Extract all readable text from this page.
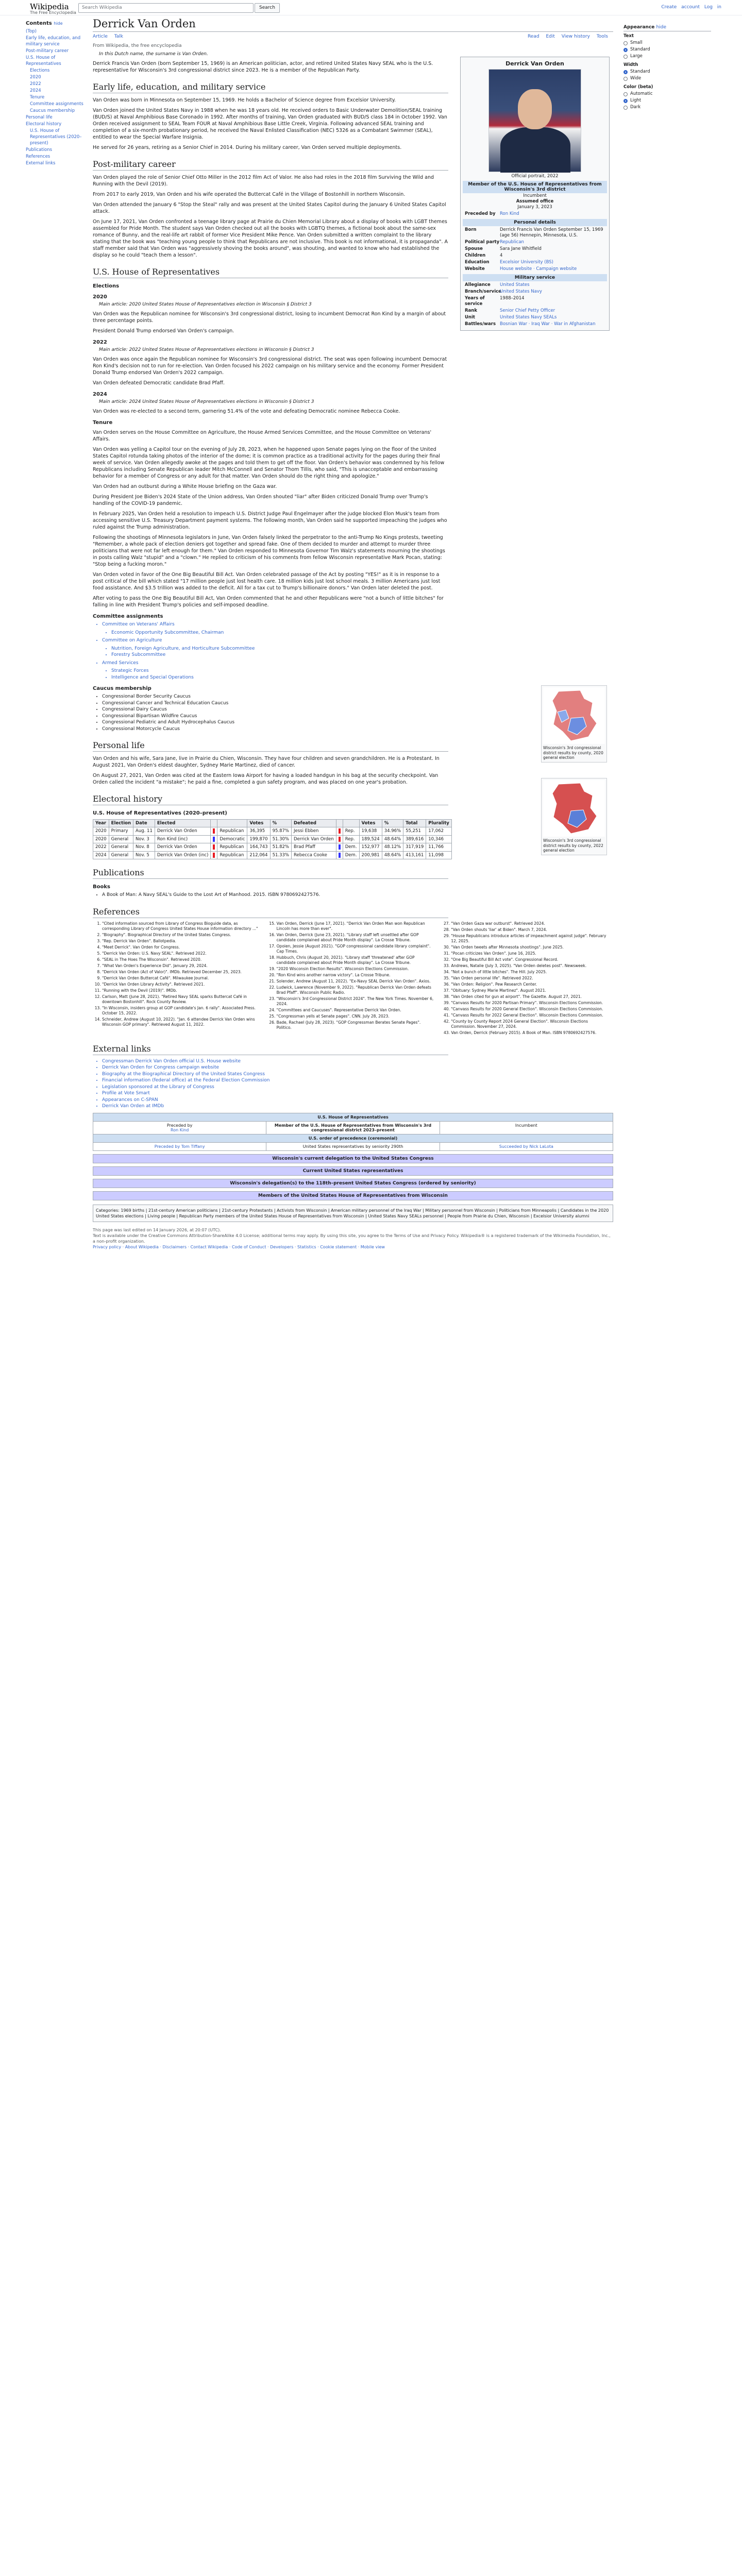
Wikipedia
The Free Encyclopedia
Search Wikipedia	Search	Create account Log in
Contents hide
(Top)
Early life, education, and military service
Post-military career
U.S. House of Representatives
Elections
2020
2022
2024
Tenure
Committee assignments
Caucus membership
Personal life
Electoral history
U.S. House of Representatives (2020–present)
Publications
References
External links
Appearance hide
Text
Small
Standard
Large
Width
Standard
Wide
Color (beta)
Automatic
Light
Dark
Derrick Van Orden
Article Talk	Read Edit View history Tools
From Wikipedia, the free encyclopedia
In this Dutch name, the surname is Van Orden.

Derrick Francis Van Orden (born September 15, 1969) is an American politician, actor, and retired United States Navy SEAL who is the U.S. representative for Wisconsin's 3rd congressional district since 2023. He is a member of the Republican Party.

Early life, education, and military service

Van Orden was born in Minnesota on September 15, 1969. He holds a Bachelor of Science degree from Excelsior University.

Van Orden joined the United States Navy in 1988 when he was 18 years old. He received orders to Basic Underwater Demolition/SEAL training (BUD/S) at Naval Amphibious Base Coronado in 1992. After months of training, Van Orden graduated with BUD/S class 184 in October 1992. Van Orden received assignment to SEAL Team FOUR at Naval Amphibious Base Little Creek, Virginia. Following advanced SEAL training and completion of a six-month probationary period, he received the Naval Enlisted Classification (NEC) 5326 as a Combatant Swimmer (SEAL), entitled to wear the Special Warfare Insignia.

He served for 26 years, retiring as a Senior Chief in 2014. During his military career, Van Orden served multiple deployments.

Post-military career

Van Orden played the role of Senior Chief Otto Miller in the 2012 film Act of Valor. He also had roles in the 2018 film Surviving the Wild and Running with the Devil (2019).

From 2017 to early 2019, Van Orden and his wife operated the Buttercat Café in the Village of Bostonhill in northern Wisconsin.

Van Orden attended the January 6 "Stop the Steal" rally and was present at the United States Capitol during the January 6 United States Capitol attack.

On June 17, 2021, Van Orden confronted a teenage library page at Prairie du Chien Memorial Library about a display of books with LGBT themes assembled for Pride Month. The student says Van Orden checked out all the books with LGBTQ themes, a fictional book about the same-sex romance of Bunny, and the real-life art rabbit of former Vice President Mike Pence. Van Orden submitted a written complaint to the library stating that the book was "teaching young people to think that Republicans are not inclusive. This book is not informational, it is propaganda". A staff member said that Van Orden was "aggressively shoving the books around", was shouting, and wanted to know who had established the display so he could "teach them a lesson".

U.S. House of Representatives
Elections
2020
Main article: 2020 United States House of Representatives election in Wisconsin § District 3

Van Orden was the Republican nominee for Wisconsin's 3rd congressional district, losing to incumbent Democrat Ron Kind by a margin of about three percentage points.

President Donald Trump endorsed Van Orden's campaign.

2022
Main article: 2022 United States House of Representatives elections in Wisconsin § District 3

Van Orden was once again the Republican nominee for Wisconsin's 3rd congressional district. The seat was open following incumbent Democrat Ron Kind's decision not to run for re-election. Van Orden focused his 2022 campaign on his military service and the economy. Former President Donald Trump endorsed Van Orden's 2022 campaign.

Van Orden defeated Democratic candidate Brad Pfaff.

2024
Main article: 2024 United States House of Representatives elections in Wisconsin § District 3

Van Orden was re-elected to a second term, garnering 51.4% of the vote and defeating Democratic nominee Rebecca Cooke.

Tenure

Van Orden serves on the House Committee on Agriculture, the House Armed Services Committee, and the House Committee on Veterans' Affairs.

Van Orden was yelling a Capitol tour on the evening of July 28, 2023, when he happened upon Senate pages lying on the floor of the United States Capitol rotunda taking photos of the interior of the dome; it is common practice as a traditional activity for the pages during their final week of service. Van Orden allegedly awoke at the pages and told them to get off the floor. Van Orden's behavior was condemned by his fellow Republicans including Senate Republican leader Mitch McConnell and Senator Thom Tillis, who said, "This is unacceptable and embarrassing behavior for a member of Congress or any adult for that matter. Van Orden should do the right thing and apologize."

Van Orden had an outburst during a White House briefing on the Gaza war.

During President Joe Biden's 2024 State of the Union address, Van Orden shouted "liar" after Biden criticized Donald Trump over Trump's handling of the COVID-19 pandemic.

In February 2025, Van Orden held a resolution to impeach U.S. District Judge Paul Engelmayer after the judge blocked Elon Musk's team from accessing sensitive U.S. Treasury Department payment systems. The following month, Van Orden said he supported impeaching the judges who ruled against the Trump administration.

Following the shootings of Minnesota legislators in June, Van Orden falsely linked the perpetrator to the anti-Trump No Kings protests, tweeting "Remember, a whole pack of election deniers got together and spread fake. One of them decided to murder and attempt to murder three politicians that were not far left enough for them." Van Orden responded to Minnesota Governor Tim Walz's statements mourning the shootings in posts calling Walz "stupid" and a "clown." He replied to criticism of his comments from fellow Wisconsin representative Mark Pocan, stating: "Stop being a fucking moron."

Van Orden voted in favor of the One Big Beautiful Bill Act. Van Orden celebrated passage of the Act by posting "YES!" as it is in response to a post critical of the bill which stated "17 million people just lost health care. 18 million kids just lost school meals. 3 million Americans just lost food assistance. And $3.5 trillion was added to the deficit. All for a tax cut to Trump's billionaire donors." Van Orden later deleted the post.

After voting to pass the One Big Beautiful Bill Act, Van Orden commented that he and other Republicans were "not a bunch of little bitches" for falling in line with President Trump's policies and self-imposed deadline.

Committee assignments
• Committee on Veterans' Affairs
• Economic Opportunity Subcommittee, Chairman
• Committee on Agriculture
• Nutrition, Foreign Agriculture, and Horticulture Subcommittee
• Forestry Subcommittee
• Armed Services
• Strategic Forces
• Intelligence and Special Operations
Caucus membership
• Congressional Border Security Caucus
• Congressional Cancer and Technical Education Caucus
• Congressional Dairy Caucus
• Congressional Bipartisan Wildfire Caucus
• Congressional Pediatric and Adult Hydrocephalus Caucus
• Congressional Motorcycle Caucus
Personal life

Van Orden and his wife, Sara Jane, live in Prairie du Chien, Wisconsin. They have four children and seven grandchildren. He is a Protestant. In August 2021, Van Orden's eldest daughter, Sydney Marie Martinez, died of cancer.

On August 27, 2021, Van Orden was cited at the Eastern Iowa Airport for having a loaded handgun in his bag at the security checkpoint. Van Orden called the incident "a mistake"; he paid a fine, completed a gun safety program, and was placed on one year's probation.

Electoral history
U.S. House of Representatives (2020–present)
Year	Election	Date	Elected			Votes	%	Defeated			Votes	%	Total	Plurality
2020	Primary	Aug. 11	Derrick Van Orden		Republican	36,395	95.87%	Jessi Ebben		Rep.	19,638	34.96%	55,251	17,062
2020	General	Nov. 3	Ron Kind (inc)		Democratic	199,870	51.30%	Derrick Van Orden		Rep.	189,524	48.64%	389,616	10,346
2022	General	Nov. 8	Derrick Van Orden		Republican	164,743	51.82%	Brad Pfaff		Dem.	152,977	48.12%	317,919	11,766
2024	General	Nov. 5	Derrick Van Orden (inc)		Republican	212,064	51.33%	Rebecca Cooke		Dem.	200,981	48.64%	413,161	11,098
Publications
Books
• A Book of Man: A Navy SEAL's Guide to the Lost Art of Manhood. 2015. ISBN 9780692427576.
References
1. "Cited information sourced from Library of Congress Bioguide data, as corresponding Library of Congress United States House information directory ..."
2. "Biography". Biographical Directory of the United States Congress.
3. "Rep. Derrick Van Orden". Ballotpedia.
4. "Meet Derrick". Van Orden for Congress.
5. "Derrick Van Orden: U.S. Navy SEAL". Retrieved 2022.
6. "SEAL in The Hoes The Wisconsin". Retrieved 2020.
7. "What Van Orden's Experience Did". January 29, 2024.
8. "Derrick Van Orden (Act of Valor)". IMDb. Retrieved December 25, 2023.
9. "Derrick Van Orden Buttercat Café". Milwaukee Journal.
10. "Derrick Van Orden Library Activity". Retrieved 2021.
11. "Running with the Devil (2019)". IMDb.
12. Carlson, Matt (June 28, 2021). "Retired Navy SEAL sparks Buttercat Café in downtown Bostonhill". Rock County Review.
13. "In Wisconsin, insiders group at GOP candidate's Jan. 6 rally". Associated Press. October 15, 2022.
14. Schneider, Andrew (August 10, 2022). "Jan. 6 attendee Derrick Van Orden wins Wisconsin GOP primary". Retrieved August 11, 2022.
15. Van Orden, Derrick (June 17, 2021). "Derrick Van Orden Man won Republican Lincoln has more than ever".
16. Van Orden, Derrick (June 23, 2021). "Library staff left unsettled after GOP candidate complained about Pride Month display". La Crosse Tribune.
17. Opoien, Jessie (August 2021). "GOP congressional candidate library complaint". Cap Times.
18. Hubbuch, Chris (August 20, 2021). "Library staff 'threatened' after GOP candidate complained about Pride Month display". La Crosse Tribune.
19. "2020 Wisconsin Election Results". Wisconsin Elections Commission.
20. "Ron Kind wins another narrow victory". La Crosse Tribune.
21. Solender, Andrew (August 11, 2022). "Ex-Navy SEAL Derrick Van Orden". Axios.
22. Ludwick, Lawrence (November 9, 2022). "Republican Derrick Van Orden defeats Brad Pfaff". Wisconsin Public Radio.
23. "Wisconsin's 3rd Congressional District 2024". The New York Times. November 6, 2024.
24. "Committees and Caucuses". Representative Derrick Van Orden.
25. "Congressman yells at Senate pages". CNN. July 28, 2023.
26. Bade, Rachael (July 28, 2023). "GOP Congressman Berates Senate Pages". Politico.
27. "Van Orden Gaza war outburst". Retrieved 2024.
28. "Van Orden shouts 'liar' at Biden". March 7, 2024.
29. "House Republicans introduce articles of impeachment against judge". February 12, 2025.
30. "Van Orden tweets after Minnesota shootings". June 2025.
31. "Pocan criticizes Van Orden". June 16, 2025.
32. "One Big Beautiful Bill Act vote". Congressional Record.
33. Andrews, Natalie (July 3, 2025). "Van Orden deletes post". Newsweek.
34. "Not a bunch of little bitches". The Hill. July 2025.
35. "Van Orden personal life". Retrieved 2022.
36. "Van Orden: Religion". Pew Research Center.
37. "Obituary: Sydney Marie Martinez". August 2021.
38. "Van Orden cited for gun at airport". The Gazette. August 27, 2021.
39. "Canvass Results for 2020 Partisan Primary". Wisconsin Elections Commission.
40. "Canvass Results for 2020 General Election". Wisconsin Elections Commission.
41. "Canvass Results for 2022 General Election". Wisconsin Elections Commission.
42. "County by County Report 2024 General Election". Wisconsin Elections Commission. November 27, 2024.
43. Van Orden, Derrick (February 2015). A Book of Man. ISBN 9780692427576.
External links
• Congressman Derrick Van Orden official U.S. House website
• Derrick Van Orden for Congress campaign website
• Biography at the Biographical Directory of the United States Congress
• Financial information (federal office) at the Federal Election Commission
• Legislation sponsored at the Library of Congress
• Profile at Vote Smart
• Appearances on C-SPAN
• Derrick Van Orden at IMDb
U.S. House of Representatives
Preceded by
Ron Kind
Member of the U.S. House of Representatives from Wisconsin's 3rd congressional district 2023–present
Incumbent
U.S. order of precedence (ceremonial)
Preceded by Tom Tiffany	United States representatives by seniority 290th	Succeeded by Nick LaLota
Wisconsin's current delegation to the United States Congress
Current United States representatives
Wisconsin's delegation(s) to the 118th–present United States Congress (ordered by seniority)
Members of the United States House of Representatives from Wisconsin
Categories: 1969 births | 21st-century American politicians | 21st-century Protestants | Activists from Wisconsin | American military personnel of the Iraq War | Military personnel from Wisconsin | Politicians from Minneapolis | Candidates in the 2020 United States elections | Living people | Republican Party members of the United States House of Representatives from Wisconsin | United States Navy SEALs personnel | People from Prairie du Chien, Wisconsin | Excelsior University alumni
This page was last edited on 14 January 2026, at 20:07 (UTC).
Text is available under the Creative Commons Attribution-ShareAlike 4.0 License; additional terms may apply. By using this site, you agree to the Terms of Use and Privacy Policy. Wikipedia® is a registered trademark of the Wikimedia Foundation, Inc., a non-profit organization.
Privacy policy · About Wikipedia · Disclaimers · Contact Wikipedia · Code of Conduct · Developers · Statistics · Cookie statement · Mobile view
Derrick Van Orden
Official portrait, 2022
Member of the U.S. House of Representatives from Wisconsin's 3rd district
Incumbent
Assumed office
January 3, 2023
Preceded by Ron Kind
Personal details
Born	Derrick Francis Van Orden September 15, 1969 (age 56) Hennepin, Minnesota, U.S.
Political party Republican
Spouse	Sara Jane Whitfield
Children	4
Education	Excelsior University (BS)
Website	House website · Campaign website
Military service
Allegiance	United States
Branch/service
United States Navy
Years of service
1988–2014
Rank	Senior Chief Petty Officer
Unit	United States Navy SEALs
Battles/wars Bosnian War · Iraq War · War in Afghanistan
Wisconsin's 3rd congressional district results by county, 2020 general election
Wisconsin's 3rd congressional district results by county, 2022 general election
